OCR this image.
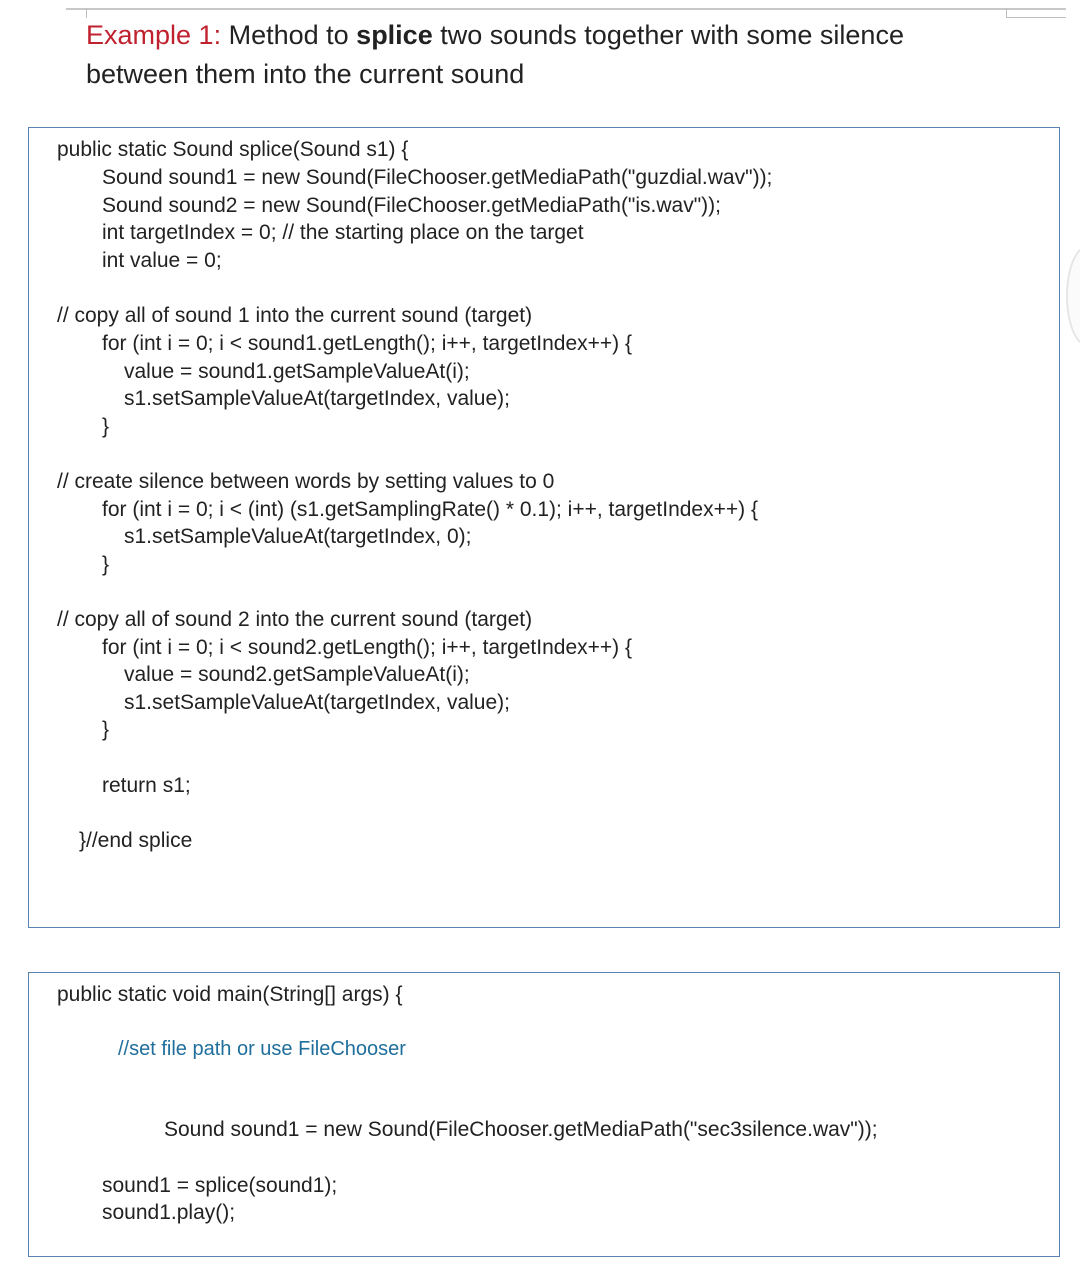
Example 1: Method to splice two sounds together with some silence
between them into the current sound
public static Sound splice(Sound s1) {
Sound sound1 = new Sound(FileChooser.getMediaPath("guzdial.wav"));
Sound sound2 = new Sound(FileChooser.getMediaPath("is.wav"));
int targetIndex = 0; // the starting place on the target
int value = 0;
// copy all of sound 1 into the current sound (target)
for (int i = 0; i < sound1.getLength(); i++, targetIndex++) {
value = sound1.getSampleValueAt(i);
s1.setSampleValueAt(targetIndex, value);
}
// create silence between words by setting values to 0
for (int i = 0; i < (int) (s1.getSamplingRate() * 0.1); i++, targetIndex++) {
s1.setSampleValueAt(targetIndex, 0);
}
// copy all of sound 2 into the current sound (target)
for (int i = 0; i < sound2.getLength(); i++, targetIndex++) {
value = sound2.getSampleValueAt(i);
s1.setSampleValueAt(targetIndex, value);
}
return s1;
}//end splice
public static void main(String[] args) {
//set file path or use FileChooser
Sound sound1 = new Sound(FileChooser.getMediaPath("sec3silence.wav"));
sound1 = splice(sound1);
sound1.play();
